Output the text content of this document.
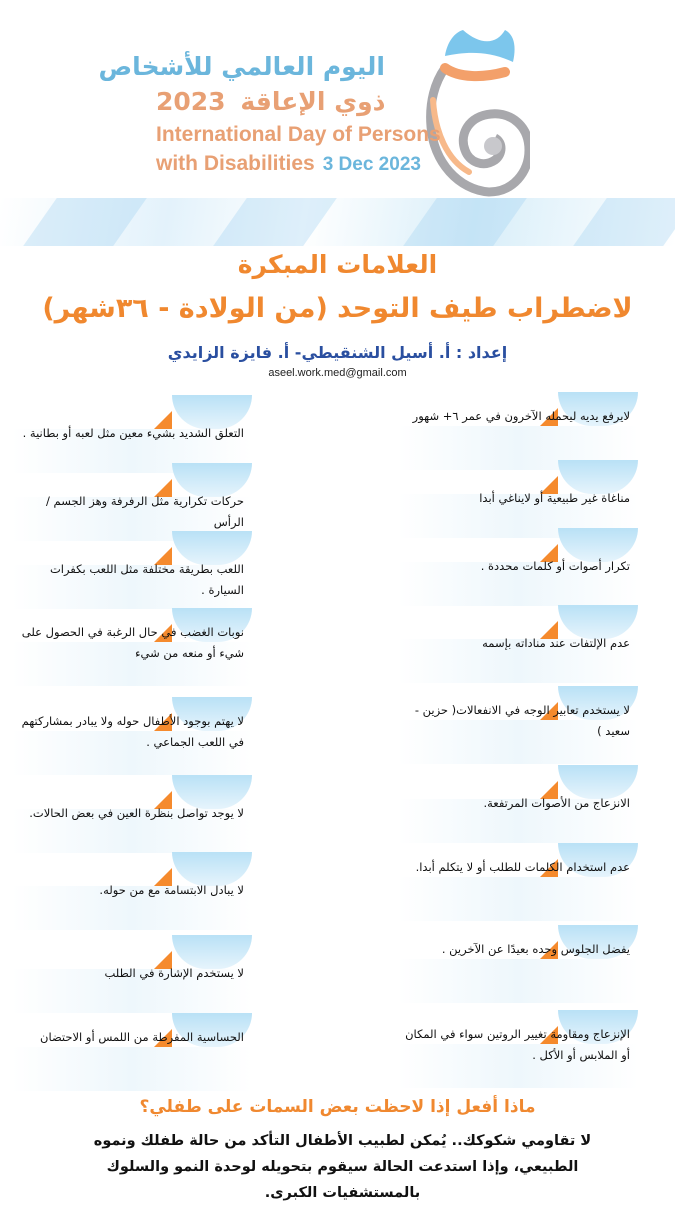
اليوم العالمي للأشخاص
2023 ذوي الإعاقة
International Day of Persons
with Disabilities 3 Dec 2023
العلامات المبكرة
لاضطراب طيف التوحد (من الولادة - ٣٦شهر)
إعداد : أ. أسيل الشنقيطي- أ. فايزة الزايدي
aseel.work.med@gmail.com
لايرفع يديه ليحمله الآخرون في عمر ٦+ شهور
مناغاة غير طبيعية أو لايناغي أبدا
تكرار أصوات أو كلمات محددة .
عدم الإلتفات عند مناداته بإسمه
لا يستخدم تعابير الوجه في الانفعالات( حزين - سعيد )
الانزعاج من الأصوات المرتفعة.
عدم استخدام الكلمات للطلب أو لا يتكلم أبدا.
يفضل الجلوس وحده بعيدًا عن الآخرين .
الإنزعاج ومقاومة تغيير الروتين سواء في المكان أو الملابس أو الأكل .
التعلق الشديد بشيء معين مثل لعبه أو بطانية .
حركات تكرارية مثل الرفرفة وهز الجسم / الرأس
اللعب بطريقة مختلفة مثل اللعب بكفرات السيارة .
نوبات الغضب في حال الرغبة في الحصول على شيء أو منعه من شيء
لا يهتم بوجود الأطفال حوله ولا يبادر بمشاركتهم في اللعب الجماعي .
لا يوجد تواصل بنظرة العين في بعض الحالات.
لا يبادل الابتسامة مع من حوله.
لا يستخدم الإشارة في الطلب
الحساسية المفرطة من اللمس أو الاحتضان
ماذا أفعل إذا لاحظت بعض السمات على طفلي؟
لا تقاومي شكوكك.. يُمكن لطبيب الأطفال التأكد من حالة طفلك ونموه الطبيعي، وإذا استدعت الحالة سيقوم بتحويله لوحدة النمو والسلوك بالمستشفيات الكبرى.
